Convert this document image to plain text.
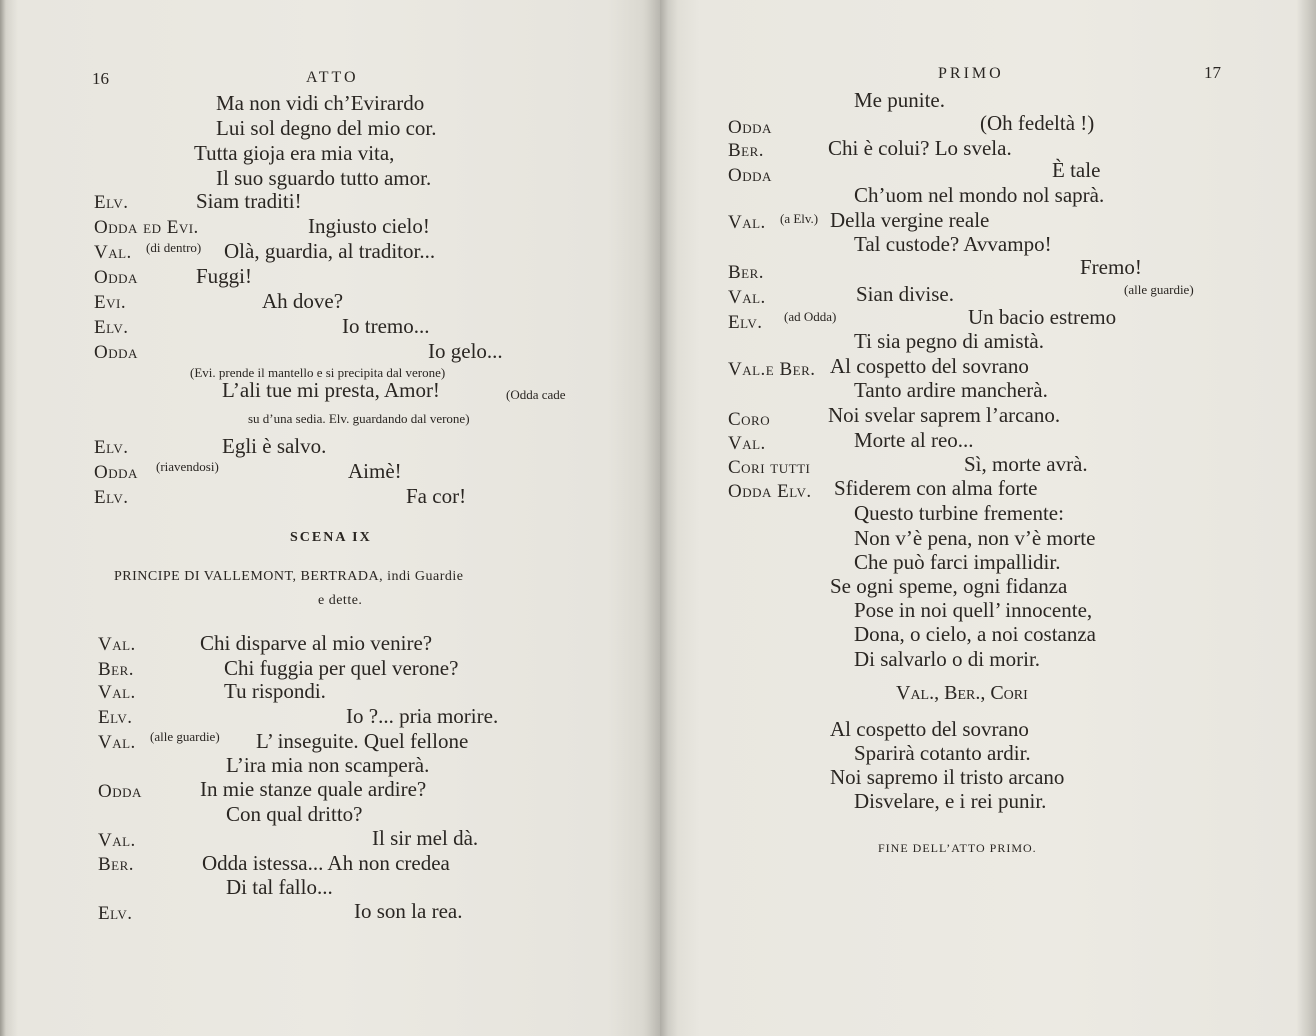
16	ATTO
Ma non vidi ch’Evirardo
Lui sol degno del mio cor.
Tutta gioja era mia vita,
Il suo sguardo tutto amor.
Elv.	Siam traditi!
Odda ed Evi.	Ingiusto cielo!
Val. (di dentro) Olà, guardia, al traditor...
Odda	Fuggi!
Evi.	Ah dove?
Elv.	Io tremo...
Odda	Io gelo...
(Evi. prende il mantello e si precipita dal verone)
L’ali tue mi presta, Amor!	(Odda cade
su d’una sedia. Elv. guardando dal verone)
Elv.	Egli è salvo.
Odda (riavendosi)	Aimè!
Elv.	Fa cor!
SCENA IX
PRINCIPE DI VALLEMONT, BERTRADA, indi Guardie
e dette.
Val.	Chi disparve al mio venire?
Ber.	Chi fuggia per quel verone?
Val.	Tu rispondi.
Elv.	Io ?... pria morire.
Val. (alle guardie) L’ inseguite. Quel fellone
L’ira mia non scamperà.
Odda	In mie stanze quale ardire?
Con qual dritto?
Val.	Il sir mel dà.
Ber.	Odda istessa... Ah non credea
Di tal fallo...
Elv.	Io son la rea.
PRIMO	17
Me punite.
Odda	(Oh fedeltà !)
Ber.	Chi è colui? Lo svela.
Odda	È tale
Ch’uom nel mondo nol saprà.
Val. (a Elv.) Della vergine reale
Tal custode? Avvampo!
Ber.	Fremo!
Val.	Sian divise.	(alle guardie)
Elv. (ad Odda)	Un bacio estremo
Ti sia pegno di amistà.
Val.e Ber. Al cospetto del sovrano
Tanto ardire mancherà.
Coro	Noi svelar saprem l’arcano.
Val.	Morte al reo...
Cori tutti	Sì, morte avrà.
Odda Elv. Sfiderem con alma forte
Questo turbine fremente:
Non v’è pena, non v’è morte
Che può farci impallidir.
Se ogni speme, ogni fidanza
Pose in noi quell’ innocente,
Dona, o cielo, a noi costanza
Di salvarlo o di morir.
Val., Ber., Cori
Al cospetto del sovrano
Sparirà cotanto ardir.
Noi sapremo il tristo arcano
Disvelare, e i rei punir.
FINE DELL’ATTO PRIMO.
